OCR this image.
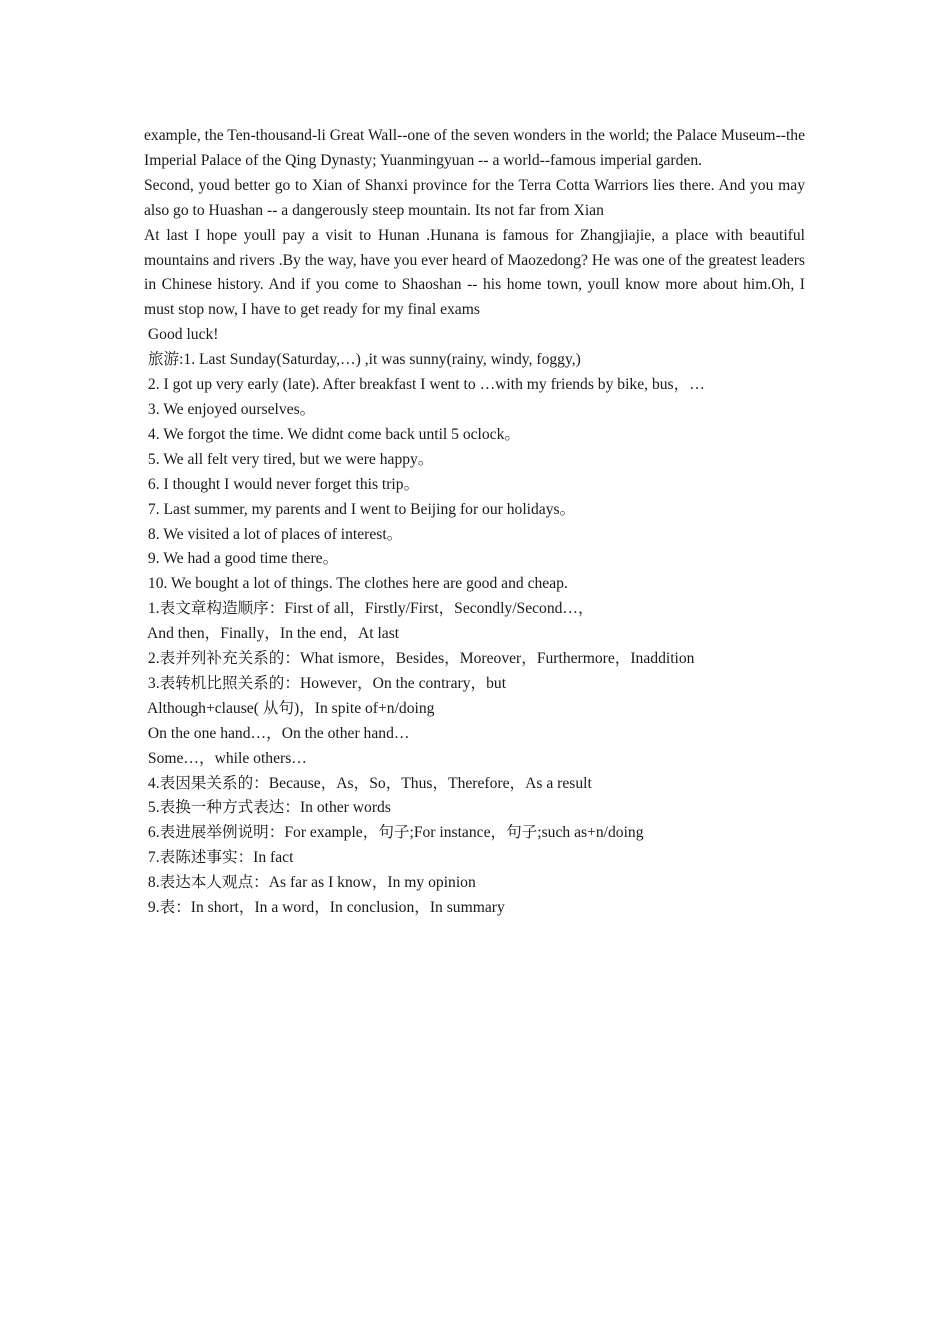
example, the Ten-thousand-li Great Wall--one of the seven wonders in the world; the Palace Museum--the Imperial Palace of the Qing Dynasty; Yuanmingyuan -- a world--famous imperial garden.

Second, youd better go to Xian of Shanxi province for the Terra Cotta Warriors lies there. And you may also go to Huashan -- a dangerously steep mountain. Its not far from Xian

At last I hope youll pay a visit to Hunan .Hunana is famous for Zhangjiajie, a place with beautiful mountains and rivers .By the way, have you ever heard of Maozedong? He was one of the greatest leaders in Chinese history. And if you come to Shaoshan -- his home town, youll know more about him.Oh, I must stop now, I have to get ready for my final exams

Good luck!
旅游:1. Last Sunday(Saturday,…) ,it was sunny(rainy, windy, foggy,)
2. I got up very early (late). After breakfast I went to …with my friends by bike, bus，…
3. We enjoyed ourselves。
4. We forgot the time. We didnt come back until 5 oclock。
5. We all felt very tired, but we were happy。
6. I thought I would never forget this trip。
7. Last summer, my parents and I went to Beijing for our holidays。
8. We visited a lot of places of interest。
9. We had a good time there。
10. We bought a lot of things. The clothes here are good and cheap.
1.表文章构造顺序：First of all，Firstly/First，Secondly/Second…，
And then，Finally，In the end，At last
2.表并列补充关系的：What ismore，Besides，Moreover，Furthermore，Inaddition
3.表转机比照关系的：However，On the contrary，but
Although+clause( 从句)，In spite of+n/doing
On the one hand…，On the other hand…
Some…，while others…
4.表因果关系的：Because，As，So，Thus，Therefore，As a result
5.表换一种方式表达：In other words
6.表进展举例说明：For example，句子;For instance，句子;such as+n/doing
7.表陈述事实：In fact
8.表达本人观点：As far as I know，In my opinion
9.表：In short，In a word，In conclusion，In summary
